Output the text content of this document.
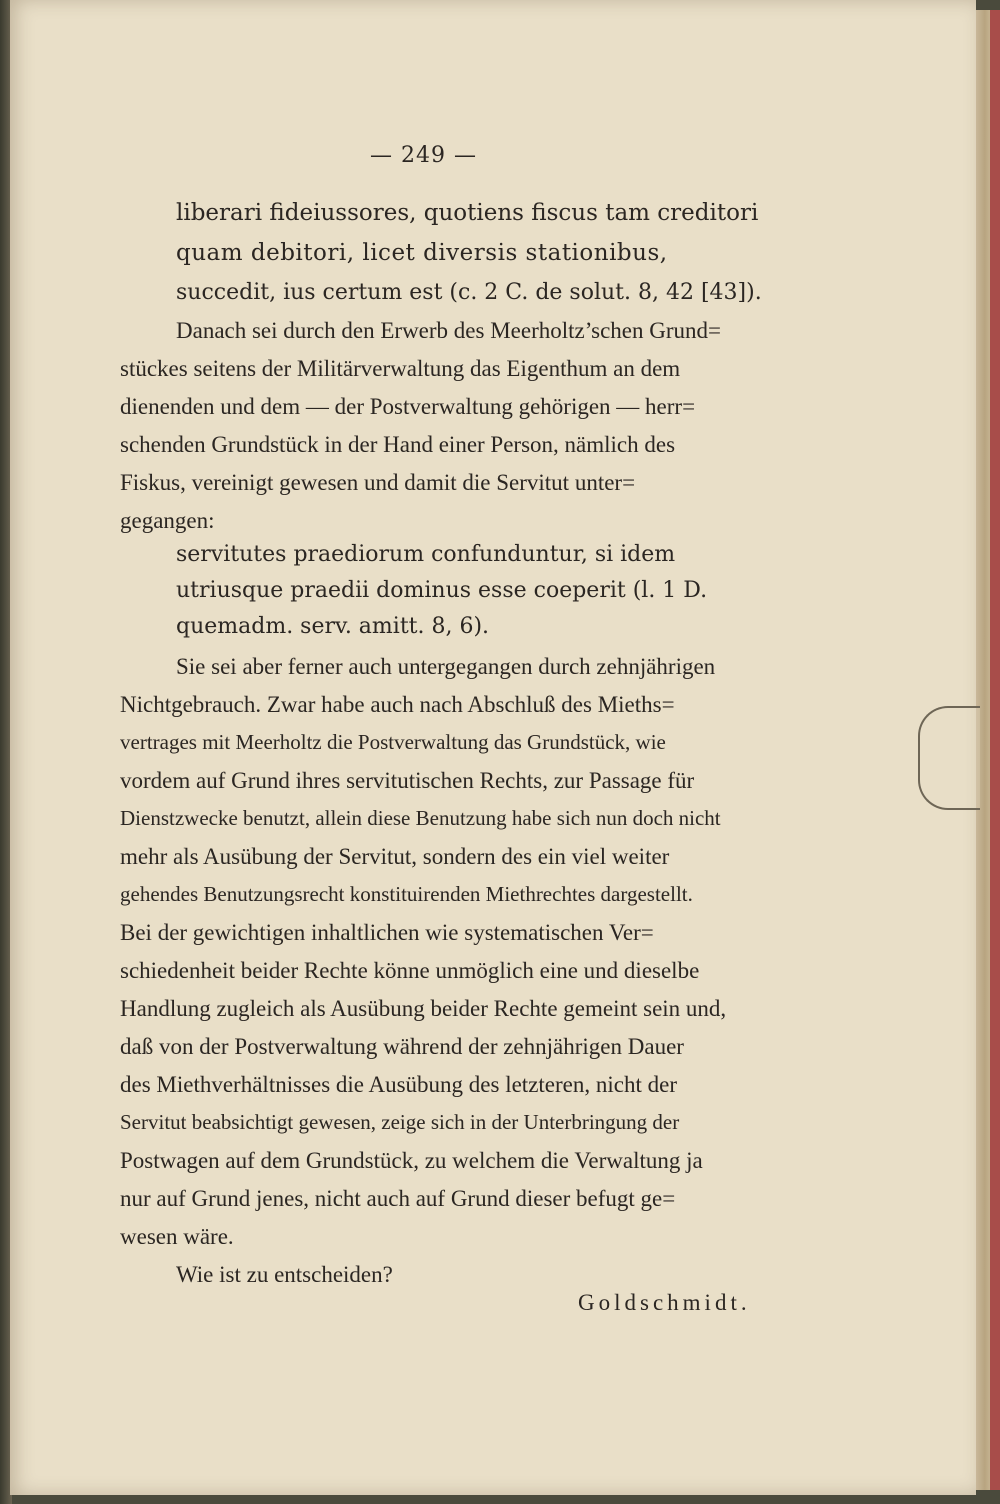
— 249 —
liberari fideiussores, quotiens fiscus tam creditori
quam debitori, licet diversis stationibus,
succedit, ius certum est (c. 2 C. de solut. 8, 42 [43]).
Danach sei durch den Erwerb des Meerholtz’schen Grund=
stückes seitens der Militärverwaltung das Eigenthum an dem
dienenden und dem — der Postverwaltung gehörigen — herr=
schenden Grundstück in der Hand einer Person, nämlich des
Fiskus, vereinigt gewesen und damit die Servitut unter=
gegangen:
servitutes praediorum confunduntur, si idem
utriusque praedii dominus esse coeperit (l. 1 D.
quemadm. serv. amitt. 8, 6).
Sie sei aber ferner auch untergegangen durch zehnjährigen
Nichtgebrauch. Zwar habe auch nach Abschluß des Mieths=
vertrages mit Meerholtz die Postverwaltung das Grundstück, wie
vordem auf Grund ihres servitutischen Rechts, zur Passage für
Dienstzwecke benutzt, allein diese Benutzung habe sich nun doch nicht
mehr als Ausübung der Servitut, sondern des ein viel weiter
gehendes Benutzungsrecht konstituirenden Miethrechtes dargestellt.
Bei der gewichtigen inhaltlichen wie systematischen Ver=
schiedenheit beider Rechte könne unmöglich eine und dieselbe
Handlung zugleich als Ausübung beider Rechte gemeint sein und,
daß von der Postverwaltung während der zehnjährigen Dauer
des Miethverhältnisses die Ausübung des letzteren, nicht der
Servitut beabsichtigt gewesen, zeige sich in der Unterbringung der
Postwagen auf dem Grundstück, zu welchem die Verwaltung ja
nur auf Grund jenes, nicht auch auf Grund dieser befugt ge=
wesen wäre.
Wie ist zu entscheiden?
Goldschmidt.
